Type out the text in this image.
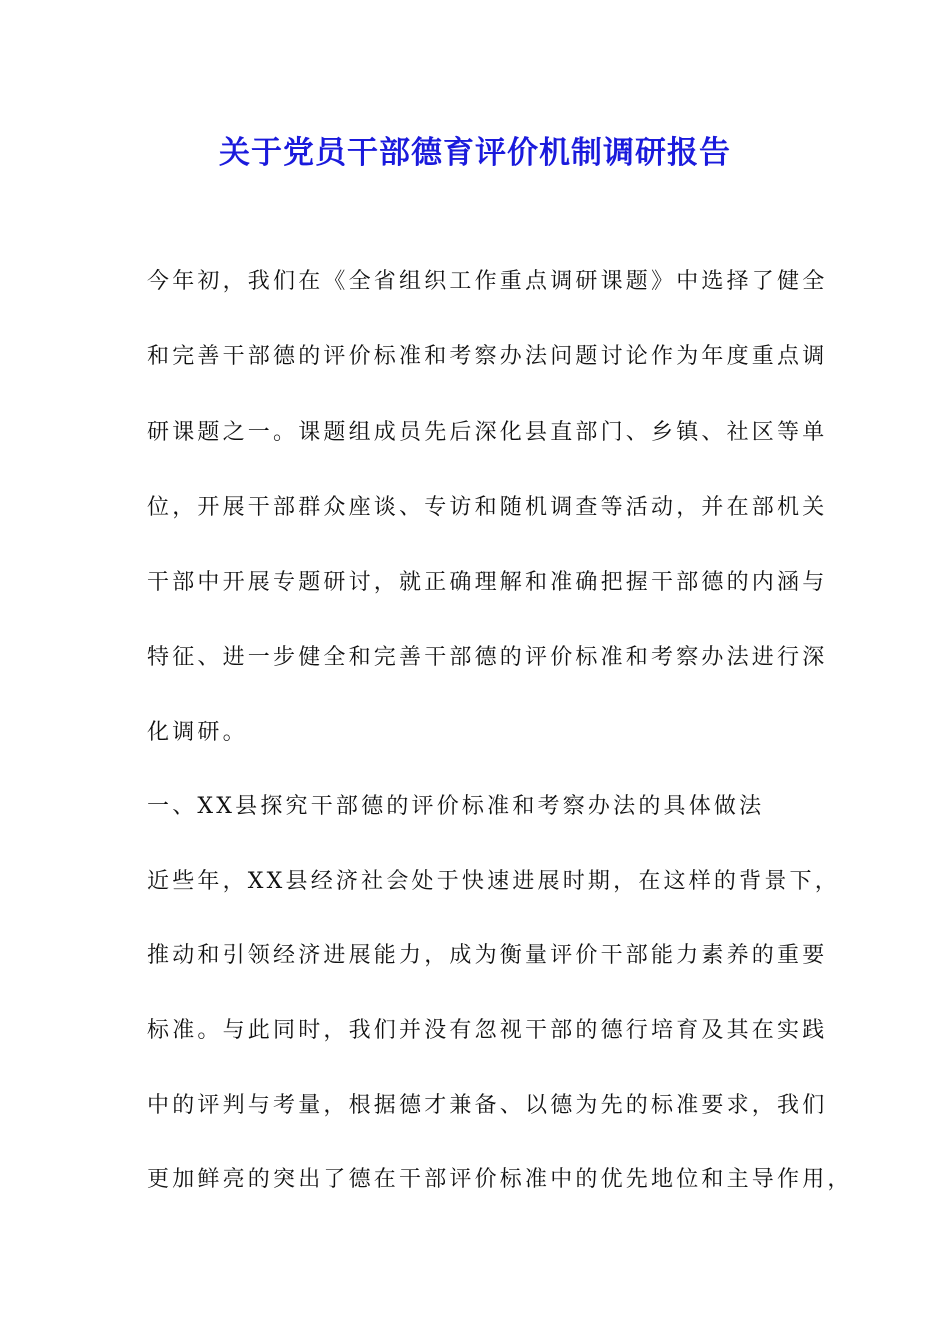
关于党员干部德育评价机制调研报告
今年初，我们在《全省组织工作重点调研课题》中选择了健全
和完善干部德的评价标准和考察办法问题讨论作为年度重点调
研课题之一。课题组成员先后深化县直部门、乡镇、社区等单
位，开展干部群众座谈、专访和随机调查等活动，并在部机关
干部中开展专题研讨，就正确理解和准确把握干部德的内涵与
特征、进一步健全和完善干部德的评价标准和考察办法进行深
化调研。
一、XX县探究干部德的评价标准和考察办法的具体做法
近些年，XX县经济社会处于快速进展时期，在这样的背景下，
推动和引领经济进展能力，成为衡量评价干部能力素养的重要
标准。与此同时，我们并没有忽视干部的德行培育及其在实践
中的评判与考量，根据德才兼备、以德为先的标准要求，我们
更加鲜亮的突出了德在干部评价标准中的优先地位和主导作用，
